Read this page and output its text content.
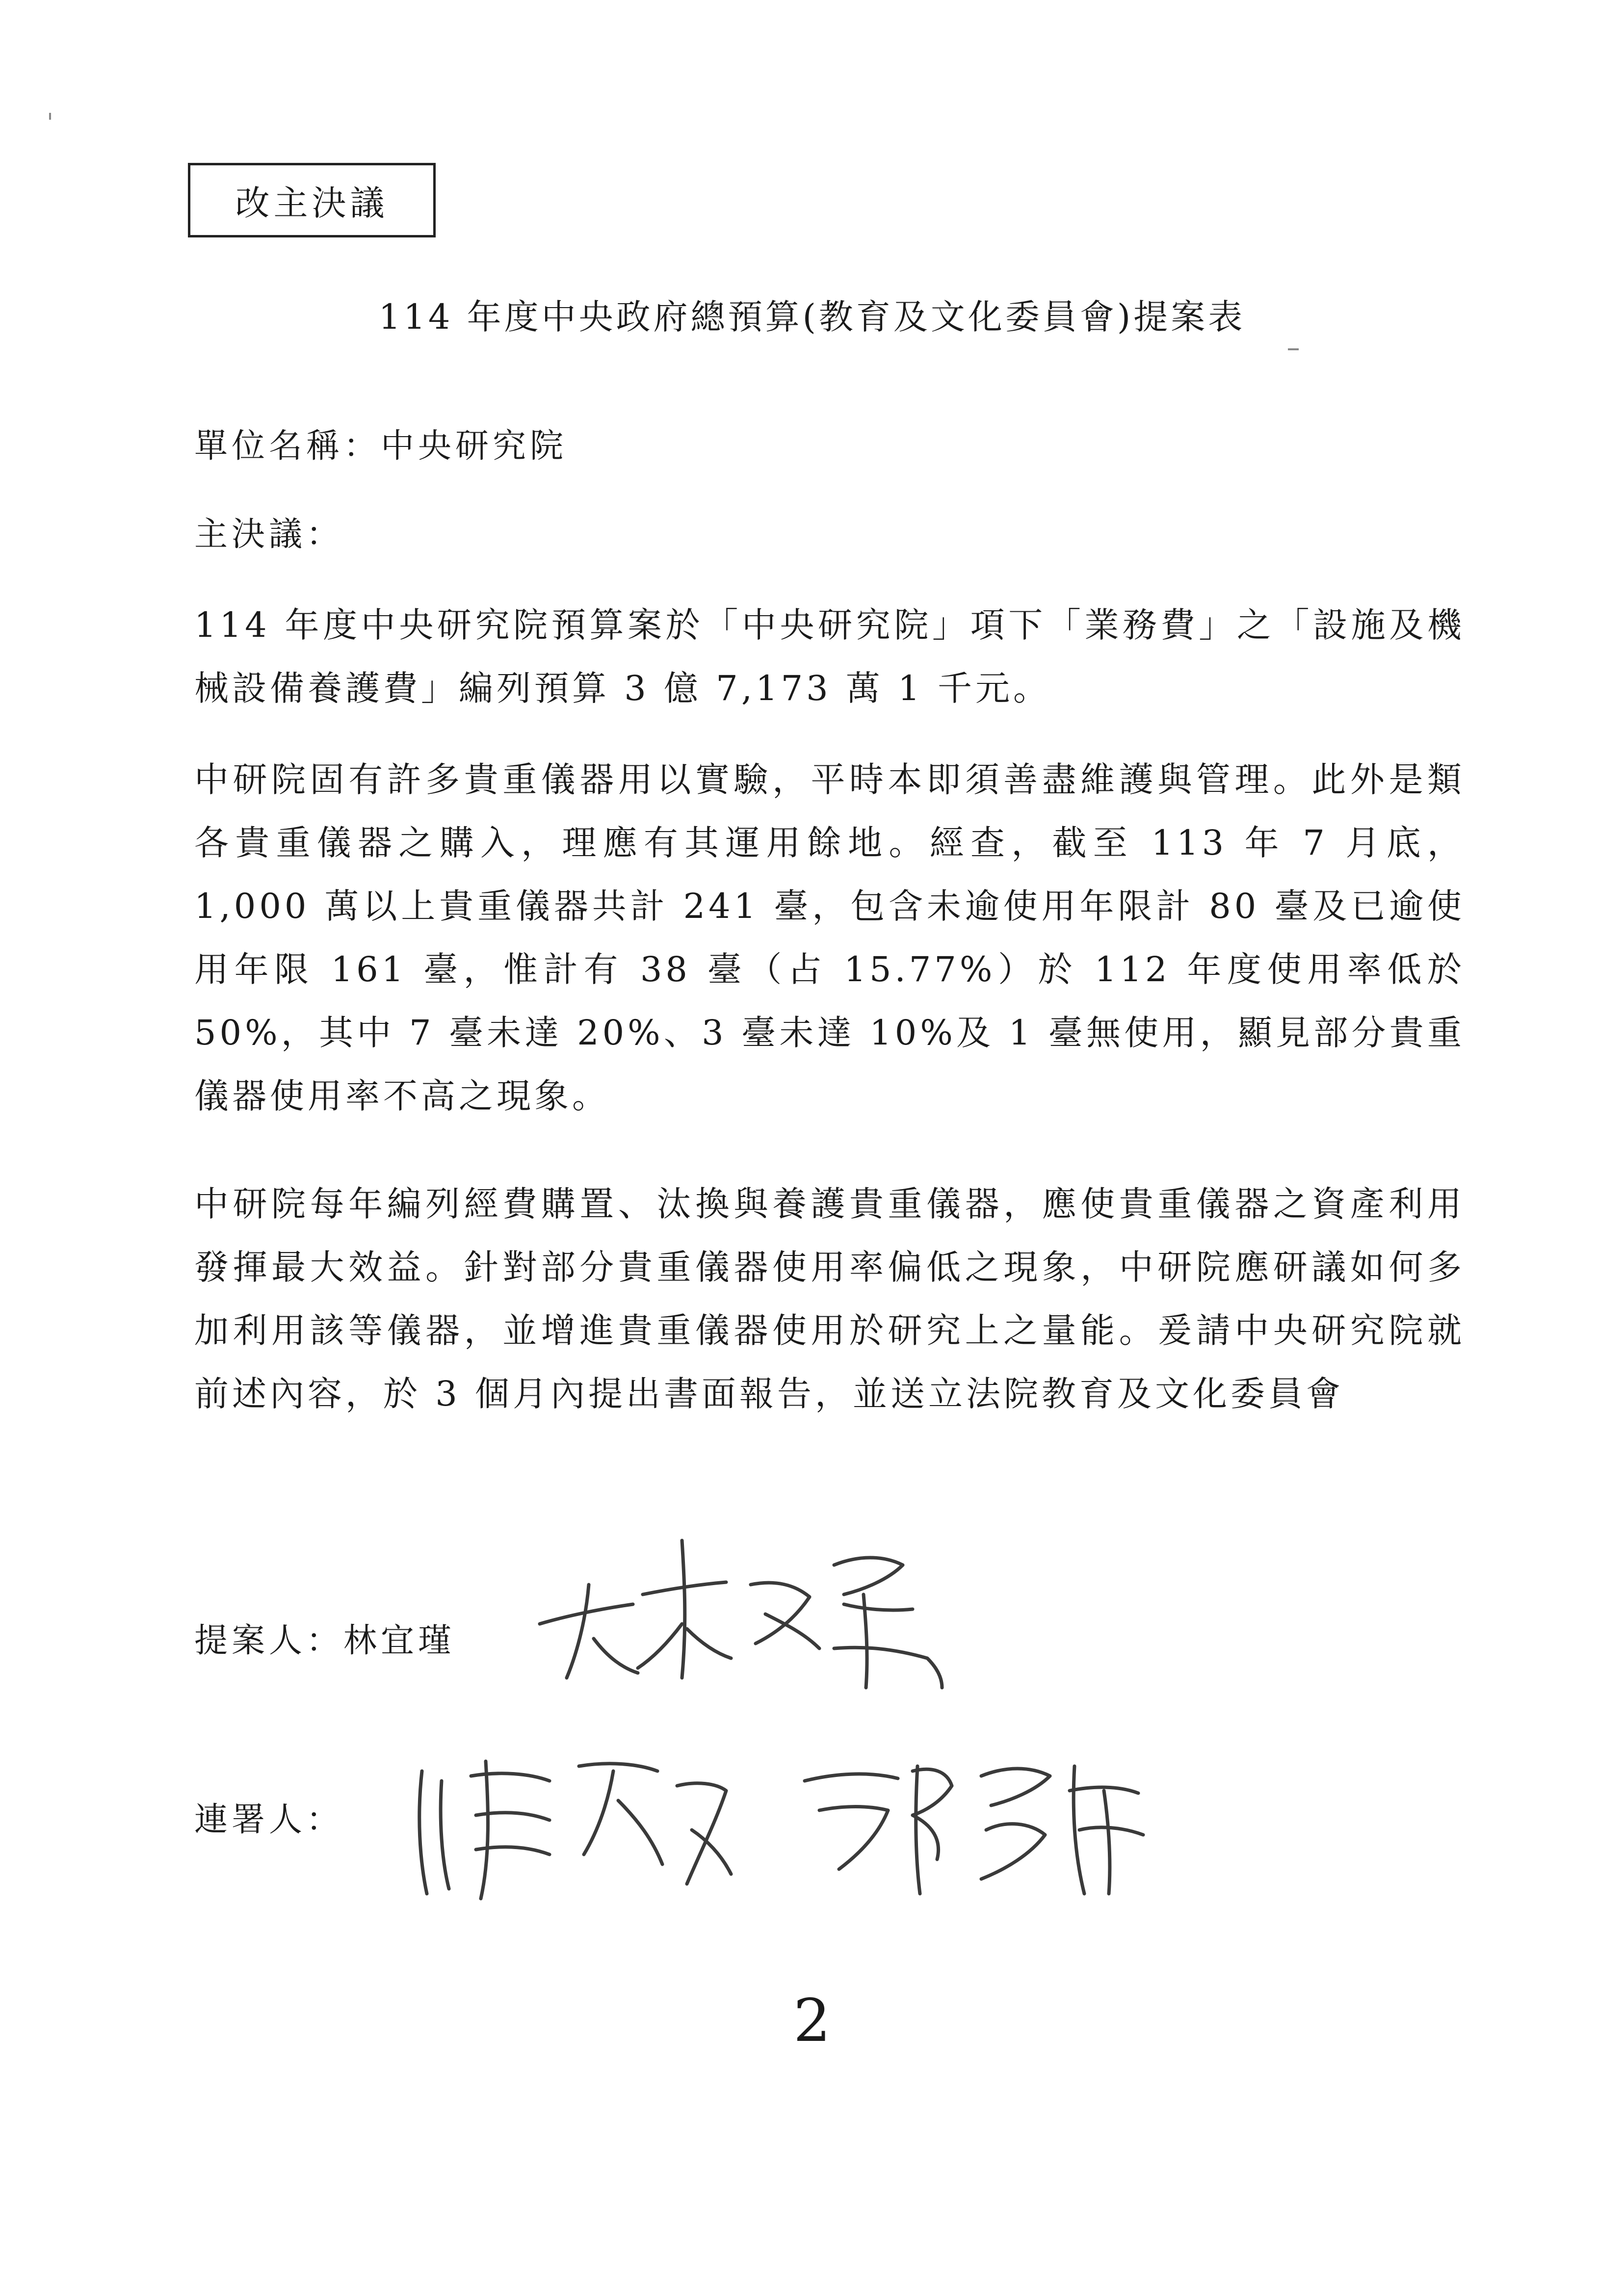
改主決議
114 年度中央政府總預算(教育及文化委員會)提案表
單位名稱：中央研究院
主決議：

114 年度中央研究院預算案於「中央研究院」項下「業務費」之「設施及機械設備養護費」編列預算 3 億 7,173 萬 1 千元。

中研院固有許多貴重儀器用以實驗，平時本即須善盡維護與管理。此外是類各貴重儀器之購入，理應有其運用餘地。經查，截至 113 年 7 月底，1,000 萬以上貴重儀器共計 241 臺，包含未逾使用年限計 80 臺及已逾使用年限 161 臺，惟計有 38 臺（占 15.77%）於 112 年度使用率低於 50%，其中 7 臺未達 20%、3 臺未達 10%及 1 臺無使用，顯見部分貴重儀器使用率不高之現象。

中研院每年編列經費購置、汰換與養護貴重儀器，應使貴重儀器之資產利用發揮最大效益。針對部分貴重儀器使用率偏低之現象，中研院應研議如何多加利用該等儀器，並增進貴重儀器使用於研究上之量能。爰請中央研究院就前述內容，於 3 個月內提出書面報告，並送立法院教育及文化委員會

提案人：林宜瑾
連署人：
2
